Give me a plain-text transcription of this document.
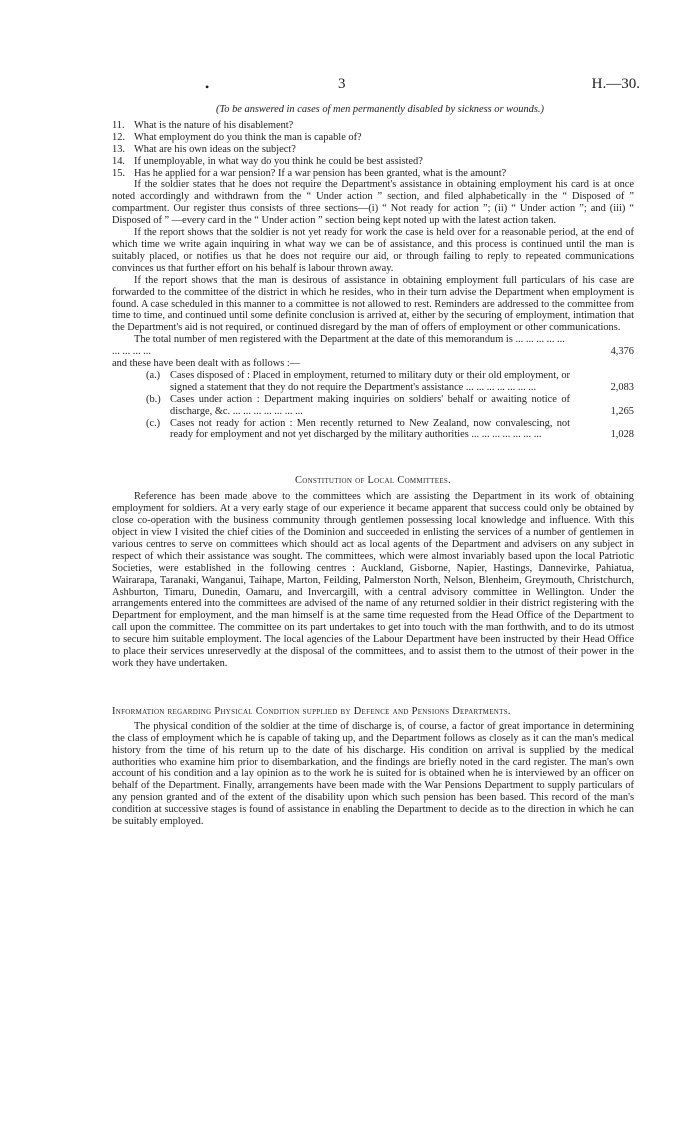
•	3	H.—30.

(To be answered in cases of men permanently disabled by sickness or wounds.)

11. What is the nature of his disablement?

12. What employment do you think the man is capable of?

13. What are his own ideas on the subject?

14. If unemployable, in what way do you think he could be best assisted?

15. Has he applied for a war pension? If a war pension has been granted, what is the amount?

If the soldier states that he does not require the Department's assistance in obtaining employment his card is at once noted accordingly and withdrawn from the “ Under action ” section, and filed alphabetically in the “ Disposed of ” compartment. Our register thus consists of three sections—(i) “ Not ready for action ”; (ii) “ Under action ”; and (iii) “ Disposed of ” —every card in the “ Under action ” section being kept noted up with the latest action taken.

If the report shows that the soldier is not yet ready for work the case is held over for a reasonable period, at the end of which time we write again inquiring in what way we can be of assistance, and this process is continued until the man is suitably placed, or notifies us that he does not require our aid, or through failing to reply to repeated communications convinces us that further effort on his behalf is labour thrown away.

If the report shows that the man is desirous of assistance in obtaining employment full particulars of his case are forwarded to the committee of the district in which he resides, who in their turn advise the Department when employment is found. A case scheduled in this manner to a committee is not allowed to rest. Reminders are addressed to the committee from time to time, and continued until some definite conclusion is arrived at, either by the securing of employment, intimation that the Department's aid is not required, or continued disregard by the man of offers of employment or other communications.

The total number of men registered with the Department at the date of this memorandum is ... ... ... ... ... ... ... ... ...	4,376

and these have been dealt with as follows :—

(a.) Cases disposed of : Placed in employment, returned to military duty or their old employment, or signed a statement that they do not require the Department's assistance ... ... ... ... ... ... ...	2,083

(b.) Cases under action : Department making inquiries on soldiers' behalf or awaiting notice of discharge, &c. ... ... ... ... ... ... ...	1,265

(c.) Cases not ready for action : Men recently returned to New Zealand, now convalescing, not ready for employment and not yet discharged by the military authorities ... ... ... ... ... ... ...	1,028

Constitution of Local Committees.

Reference has been made above to the committees which are assisting the Department in its work of obtaining employment for soldiers. At a very early stage of our experience it became apparent that success could only be obtained by close co-operation with the business community through gentlemen possessing local knowledge and influence. With this object in view I visited the chief cities of the Dominion and succeeded in enlisting the services of a number of gentlemen in various centres to serve on committees which should act as local agents of the Department and advisers on any subject in respect of which their assistance was sought. The committees, which were almost invariably based upon the local Patriotic Societies, were established in the following centres : Auckland, Gisborne, Napier, Hastings, Dannevirke, Pahiatua, Wairarapa, Taranaki, Wanganui, Taihape, Marton, Feilding, Palmerston North, Nelson, Blenheim, Greymouth, Christchurch, Ashburton, Timaru, Dunedin, Oamaru, and Invercargill, with a central advisory committee in Wellington. Under the arrangements entered into the committees are advised of the name of any returned soldier in their district registering with the Department for employment, and the man himself is at the same time requested from the Head Office of the Department to call upon the committee. The committee on its part undertakes to get into touch with the man forthwith, and to do its utmost to secure him suitable employment. The local agencies of the Labour Department have been instructed by their Head Office to place their services unreservedly at the disposal of the committees, and to assist them to the utmost of their power in the work they have undertaken.

Information regarding Physical Condition supplied by Defence and Pensions Departments.

The physical condition of the soldier at the time of discharge is, of course, a factor of great importance in determining the class of employment which he is capable of taking up, and the Department follows as closely as it can the man's medical history from the time of his return up to the date of his discharge. His condition on arrival is supplied by the medical authorities who examine him prior to disembarkation, and the findings are briefly noted in the card register. The man's own account of his condition and a lay opinion as to the work he is suited for is obtained when he is interviewed by an officer on behalf of the Department. Finally, arrangements have been made with the War Pensions Department to supply particulars of any pension granted and of the extent of the disability upon which such pension has been based. This record of the man's condition at successive stages is found of assistance in enabling the Department to decide as to the direction in which he can be suitably employed.
